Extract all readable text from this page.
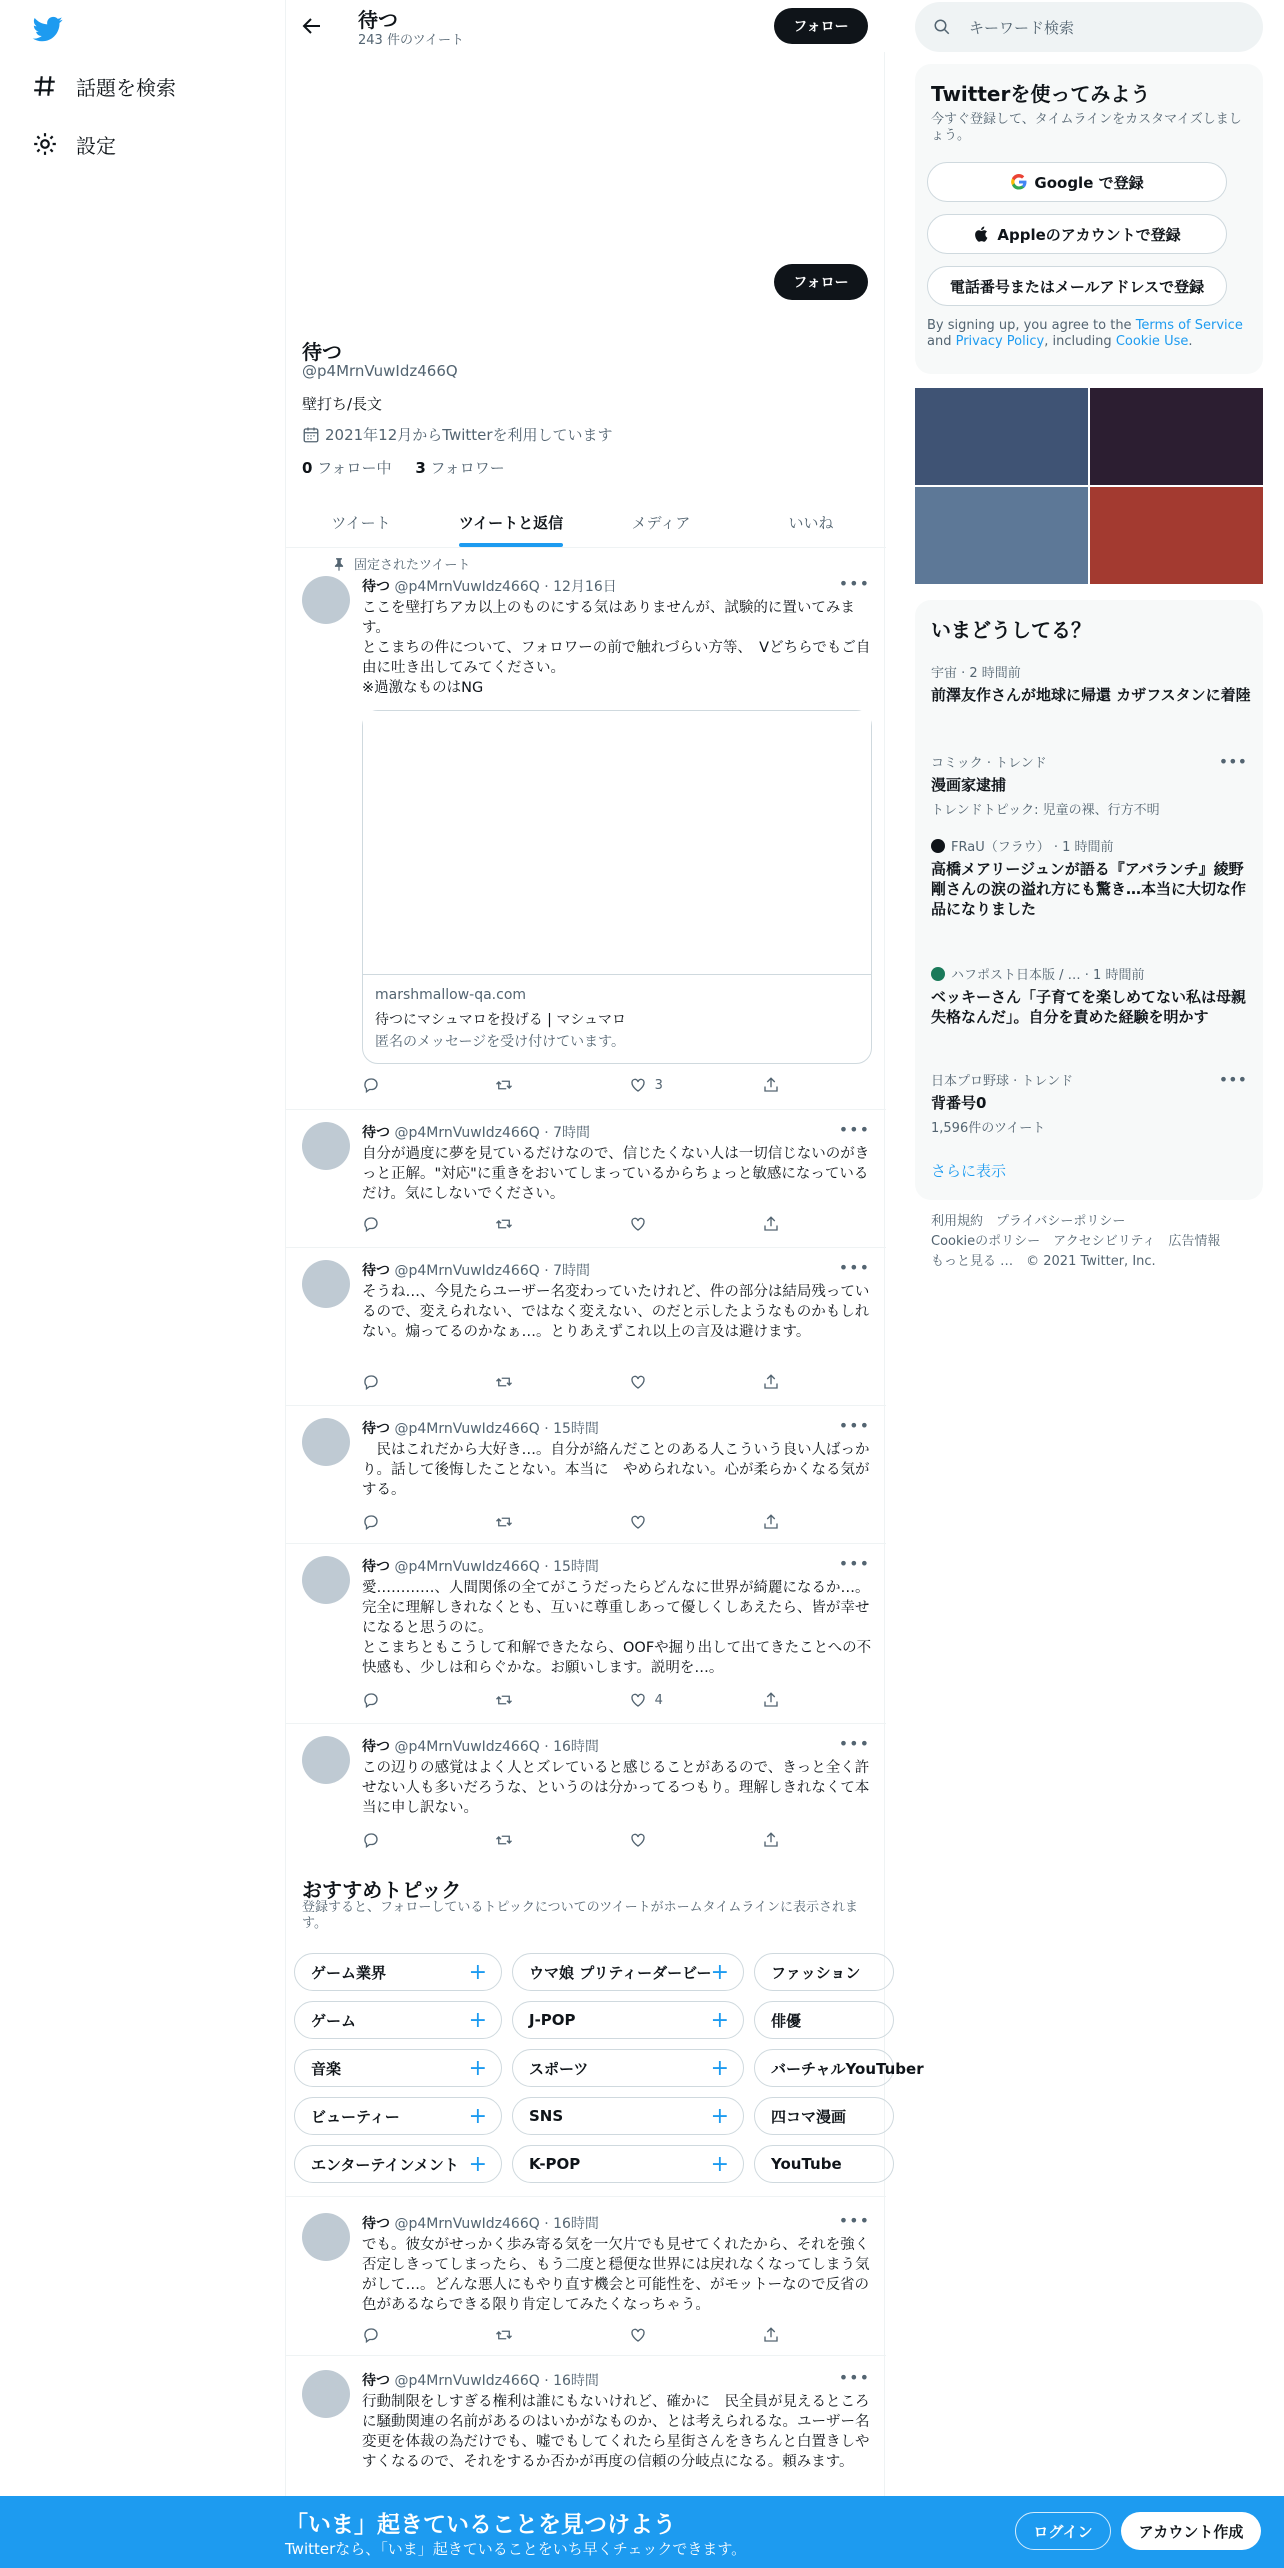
話題を検索
設定
待つ
243 件のツイート
フォロー
フォロー
待つ
@p4MrnVuwIdz466Q
壁打ち/長文
2021年12月からTwitterを利用しています
0 フォロー中 3 フォロワー
ツイート	ツイートと返信	メディア	いいね
固定されたツイート
待つ @p4MrnVuwIdz466Q · 12月16日	•••
ここを壁打ちアカ以上のものにする気はありませんが、試験的に置いてみます。
とこまちの件について、フォロワーの前で触れづらい方等、　Vどちらでもご自由に吐き出してみてください。
※過激なものはNG
marshmallow-qa.com
待つにマシュマロを投げる | マシュマロ
匿名のメッセージを受け付けています。
3
待つ @p4MrnVuwIdz466Q · 7時間	•••
自分が過度に夢を見ているだけなので、信じたくない人は一切信じないのがきっと正解。"対応"に重きをおいてしまっているからちょっと敏感になっているだけ。気にしないでください。
待つ @p4MrnVuwIdz466Q · 7時間	•••
そうね…、今見たらユーザー名変わっていたけれど、件の部分は結局残っているので、変えられない、ではなく変えない、のだと示したようなものかもしれない。煽ってるのかなぁ…。とりあえずこれ以上の言及は避けます。
待つ @p4MrnVuwIdz466Q · 15時間	•••
　民はこれだから大好き…。自分が絡んだことのある人こういう良い人ばっかり。話して後悔したことない。本当に　やめられない。心が柔らかくなる気がする。
待つ @p4MrnVuwIdz466Q · 15時間	•••
愛…………、人間関係の全てがこうだったらどんなに世界が綺麗になるか…。完全に理解しきれなくとも、互いに尊重しあって優しくしあえたら、皆が幸せになると思うのに。
とこまちともこうして和解できたなら、OOFや掘り出して出てきたことへの不快感も、少しは和らぐかな。お願いします。説明を…。
4
待つ @p4MrnVuwIdz466Q · 16時間	•••
この辺りの感覚はよく人とズレていると感じることがあるので、きっと全く許せない人も多いだろうな、というのは分かってるつもり。理解しきれなくて本当に申し訳ない。
おすすめトピック
登録すると、フォローしているトピックについてのツイートがホームタイムラインに表示されます。
ゲーム業界	+	ウマ娘 プリティーダービー +	ファッション
ゲーム	+	J-POP	+	俳優
音楽	+	スポーツ	+	バーチャルYouTuber
ビューティー	+	SNS	+	四コマ漫画
エンターテインメント +	K-POP	+	YouTube
待つ @p4MrnVuwIdz466Q · 16時間	•••
でも。彼女がせっかく歩み寄る気を一欠片でも見せてくれたから、それを強く否定しきってしまったら、もう二度と穏便な世界には戻れなくなってしまう気がして…。どんな悪人にもやり直す機会と可能性を、がモットーなので反省の色があるならできる限り肯定してみたくなっちゃう。
待つ @p4MrnVuwIdz466Q · 16時間	•••
行動制限をしすぎる権利は誰にもないけれど、確かに　民全員が見えるところに騒動関連の名前があるのはいかがなものか、とは考えられるな。ユーザー名変更を体裁の為だけでも、嘘でもしてくれたら星街さんをきちんと白置きしやすくなるので、それをするか否かが再度の信頼の分岐点になる。頼みます。
キーワード検索
Twitterを使ってみよう
今すぐ登録して、タイムラインをカスタマイズしましょう。
Google で登録
Appleのアカウントで登録
電話番号またはメールアドレスで登録
By signing up, you agree to the Terms of Service and Privacy Policy, including Cookie Use.
いまどうしてる？
宇宙 · 2 時間前
前澤友作さんが地球に帰還 カザフスタンに着陸
コミック · トレンド
漫画家逮捕
トレンドトピック: 児童の裸、行方不明
•••
FRaU（フラウ） · 1 時間前
高橋メアリージュンが語る『アバランチ』綾野剛さんの涙の溢れ方にも驚き…本当に大切な作品になりました
ハフポスト日本版 / … · 1 時間前
ベッキーさん「子育てを楽しめてない私は母親失格なんだ」。自分を責めた経験を明かす
日本プロ野球 · トレンド
背番号0
1,596件のツイート
•••
さらに表示
利用規約　プライバシーポリシー
Cookieのポリシー　アクセシビリティ　広告情報
もっと見る …　© 2021 Twitter, Inc.
「いま」起きていることを見つけよう
Twitterなら、「いま」起きていることをいち早くチェックできます。
ログイン	アカウント作成
